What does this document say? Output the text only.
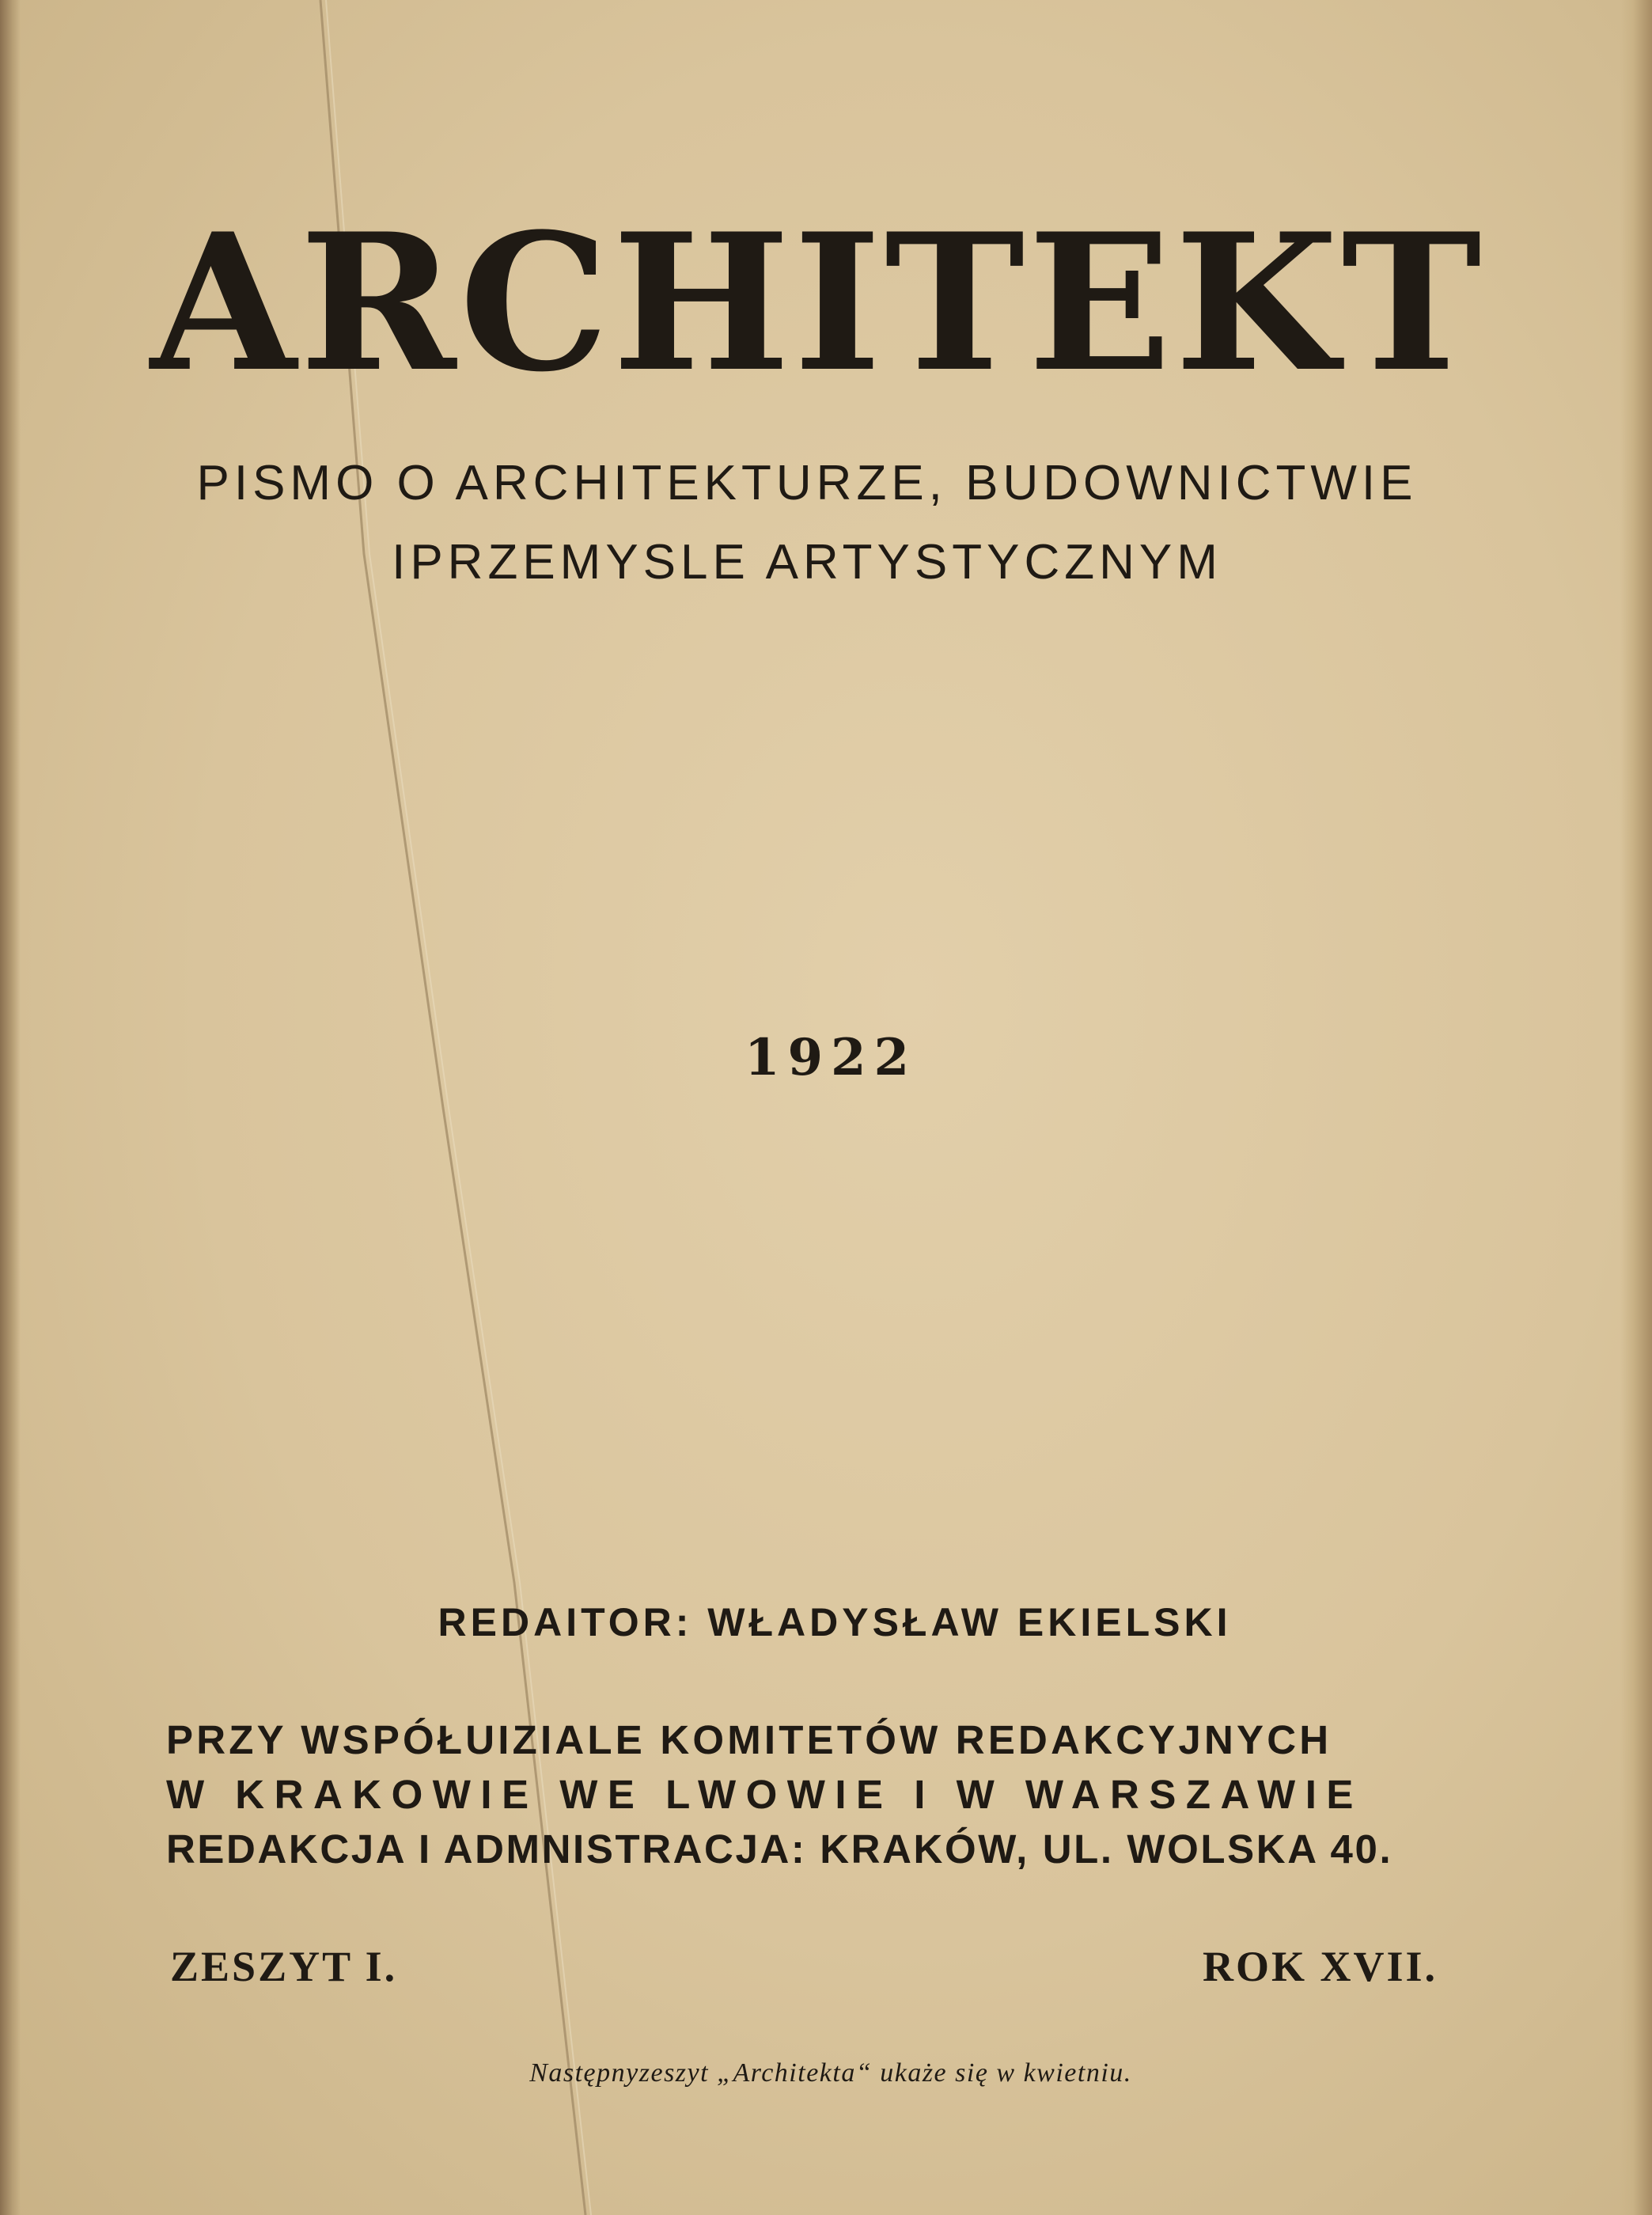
ARCHITEKT
PISMO O ARCHITEKTURZE, BUDOWNICTWIE
IPRZEMYSLE ARTYSTYCZNYM
1922
REDAITOR: WŁADYSŁAW EKIELSKI
PRZY WSPÓŁUIZIALE KOMITETÓW REDAKCYJNYCH
W KRAKOWIE WE LWOWIE I W WARSZAWIE
REDAKCJA I ADMNISTRACJA: KRAKÓW, UL. WOLSKA 40.
ZESZYT I.	ROK XVII.
Następnyzeszyt „Architekta“ ukaże się w kwietniu.
